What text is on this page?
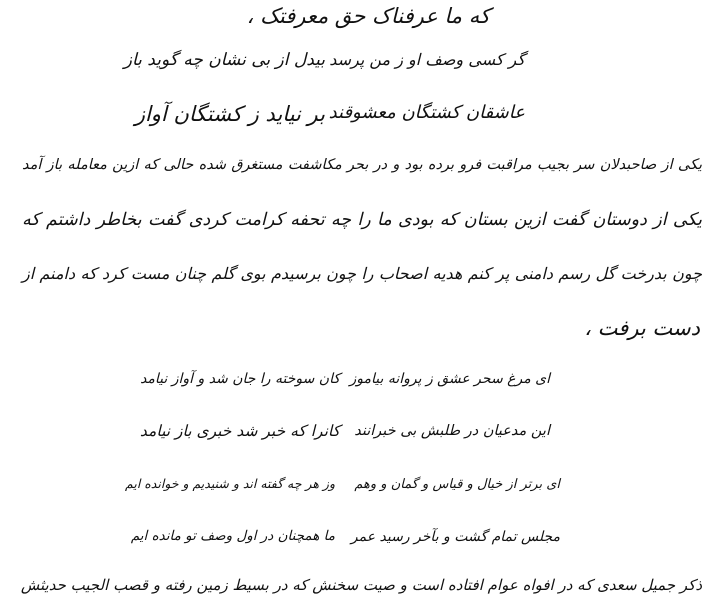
که ما عرفناک حق معرفتک ،
گر کسی وصف او ز من پرسد
بیدل از بی نشان چه گوید باز
عاشقان کشتگان معشوقند
بر نیاید ز کشتگان آواز
یکی از صاحبدلان سر بجیب مراقبت فرو برده بود و در بحر مکاشفت مستغرق شده حالی که ازین معامله باز آمد
یکی از دوستان گفت ازین بستان که بودی ما را چه تحفه کرامت کردی گفت بخاطر داشتم که
چون بدرخت گل رسم دامنی پر کنم هدیه اصحاب را چون برسیدم بوی گلم چنان مست کرد که دامنم از
دست برفت ،
ای مرغ سحر عشق ز پروانه بیاموز
کان سوخته را جان شد و آواز نیامد
این مدعیان در طلبش بی خبرانند
کانرا که خبر شد خبری باز نیامد
ای برتر از خیال و قیاس و گمان و وهم
وز هر چه گفته اند و شنیدیم و خوانده ایم
مجلس تمام گشت و بآخر رسید عمر
ما همچنان در اول وصف تو مانده ایم
ذکر جمیل سعدی که در افواه عوام افتاده است و صیت سخنش که در بسیط زمین رفته و قصب الجیب حدیثش
